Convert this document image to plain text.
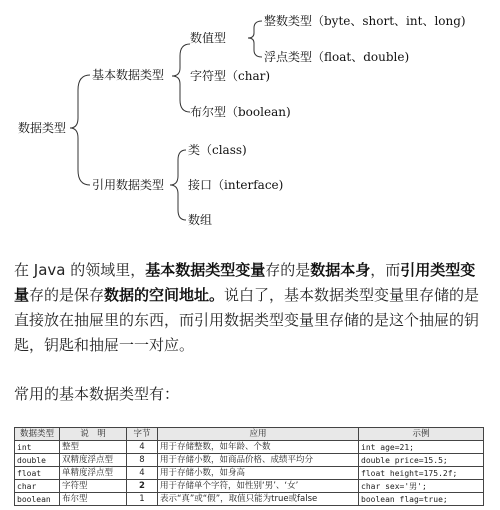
数据类型
基本数据类型
数值型
整数类型（byte、short、int、long)
浮点类型（float、double)
字符型（char)
布尔型（boolean)
引用数据类型
类（class)
接口（interface)
数组
在 Java 的领域里，基本数据类型变量存的是数据本身，而引用类型变量存的是保存数据的空间地址。说白了，基本数据类型变量里存储的是直接放在抽屉里的东西，而引用数据类型变量里存储的是这个抽屉的钥匙，钥匙和抽屉一一对应。
常用的基本数据类型有：
数据类型	说　明	字节	应用	示例
int	整型	4	用于存储整数，如年龄、个数	int age=21;
double	双精度浮点型	8	用于存储小数，如商品价格、成绩平均分	double price=15.5;
float	单精度浮点型	4	用于存储小数，如身高	float height=175.2f;
char	字符型	2	用于存储单个字符，如性别‘男’、‘女’	char sex='男';
boolean	布尔型	1	表示“真”或“假”，取值只能为true或false	boolean flag=true;
